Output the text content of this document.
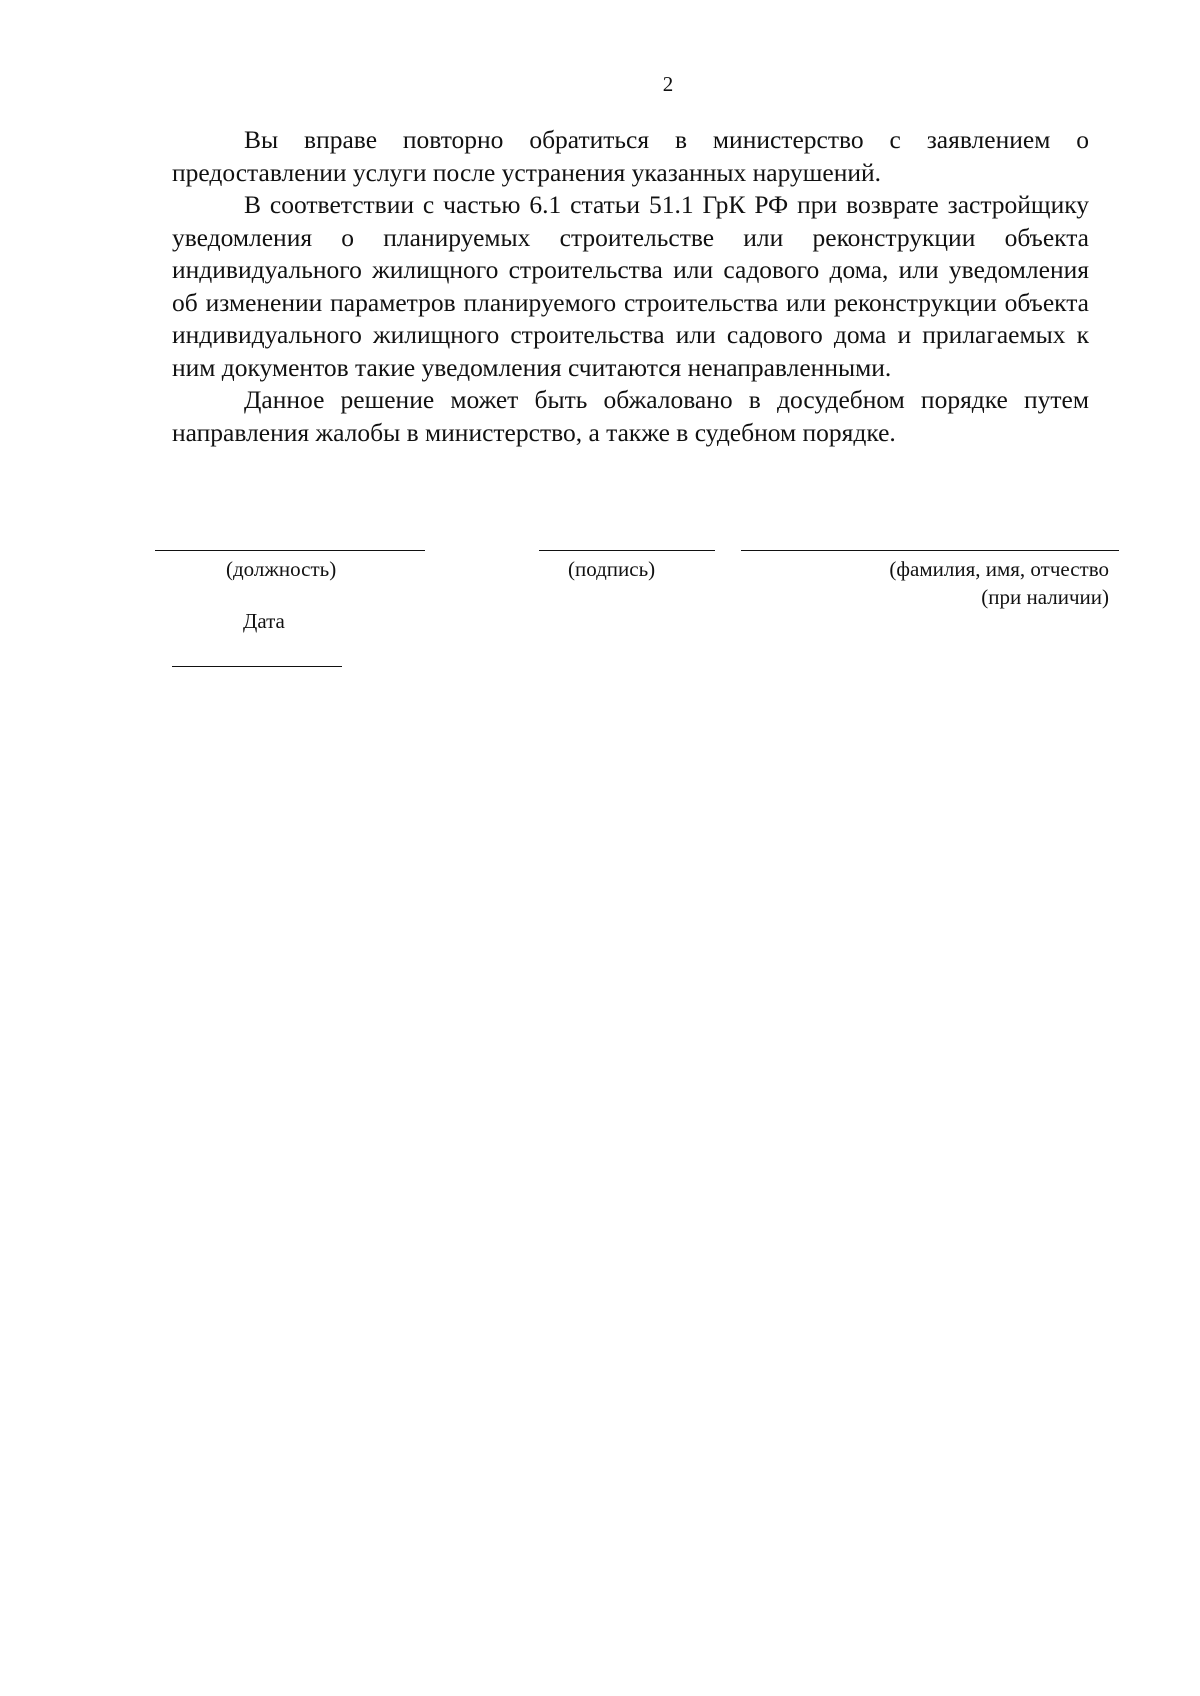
2

Вы вправе повторно обратиться в министерство с заявлением о предоставлении услуги после устранения указанных нарушений.

В соответствии с частью 6.1 статьи 51.1 ГрК РФ при возврате застройщику уведомления о планируемых строительстве или реконструкции объекта индивидуального жилищного строительства или садового дома, или уведомления об изменении параметров планируемого строительства или реконструкции объекта индивидуального жилищного строительства или садового дома и прилагаемых к ним документов такие уведомления считаются ненаправленными.

Данное решение может быть обжаловано в досудебном порядке путем направления жалобы в министерство, а также в судебном порядке.

(должность)	(подпись)	(фамилия, имя, отчество
(при наличии)
Дата
